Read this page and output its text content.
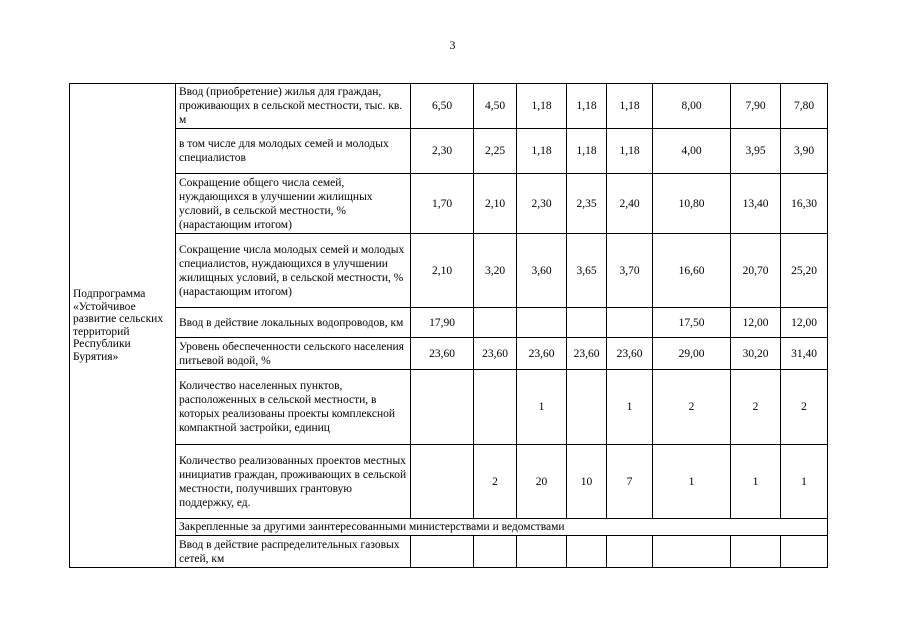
3
Подпрограмма «Устойчивое развитие сельских территорий Республики Бурятия»	Ввод (приобретение) жилья для граждан, проживающих в сельской местности, тыс. кв. м	6,50	4,50	1,18	1,18	1,18	8,00	7,90	7,80
	в том числе для молодых семей и молодых специалистов	2,30	2,25	1,18	1,18	1,18	4,00	3,95	3,90
	Сокращение общего числа семей, нуждающихся в улучшении жилищных условий, в сельской местности, % (нарастающим итогом)	1,70	2,10	2,30	2,35	2,40	10,80	13,40	16,30
	Сокращение числа молодых семей и молодых специалистов, нуждающихся в улучшении жилищных условий, в сельской местности, % (нарастающим итогом)	2,10	3,20	3,60	3,65	3,70	16,60	20,70	25,20
	Ввод в действие локальных водопроводов, км	17,90					17,50	12,00	12,00
	Уровень обеспеченности сельского населения питьевой водой, %	23,60	23,60	23,60	23,60	23,60	29,00	30,20	31,40
	Количество населенных пунктов, расположенных в сельской местности, в которых реализованы проекты комплексной компактной застройки, единиц			1		1	2	2	2
	Количество реализованных проектов местных инициатив граждан, проживающих в сельской местности, получивших грантовую поддержку, ед.		2	20	10	7	1	1	1
	Закрепленные за другими заинтересованными министерствами и ведомствами								
	Ввод в действие распределительных газовых сетей, км								
